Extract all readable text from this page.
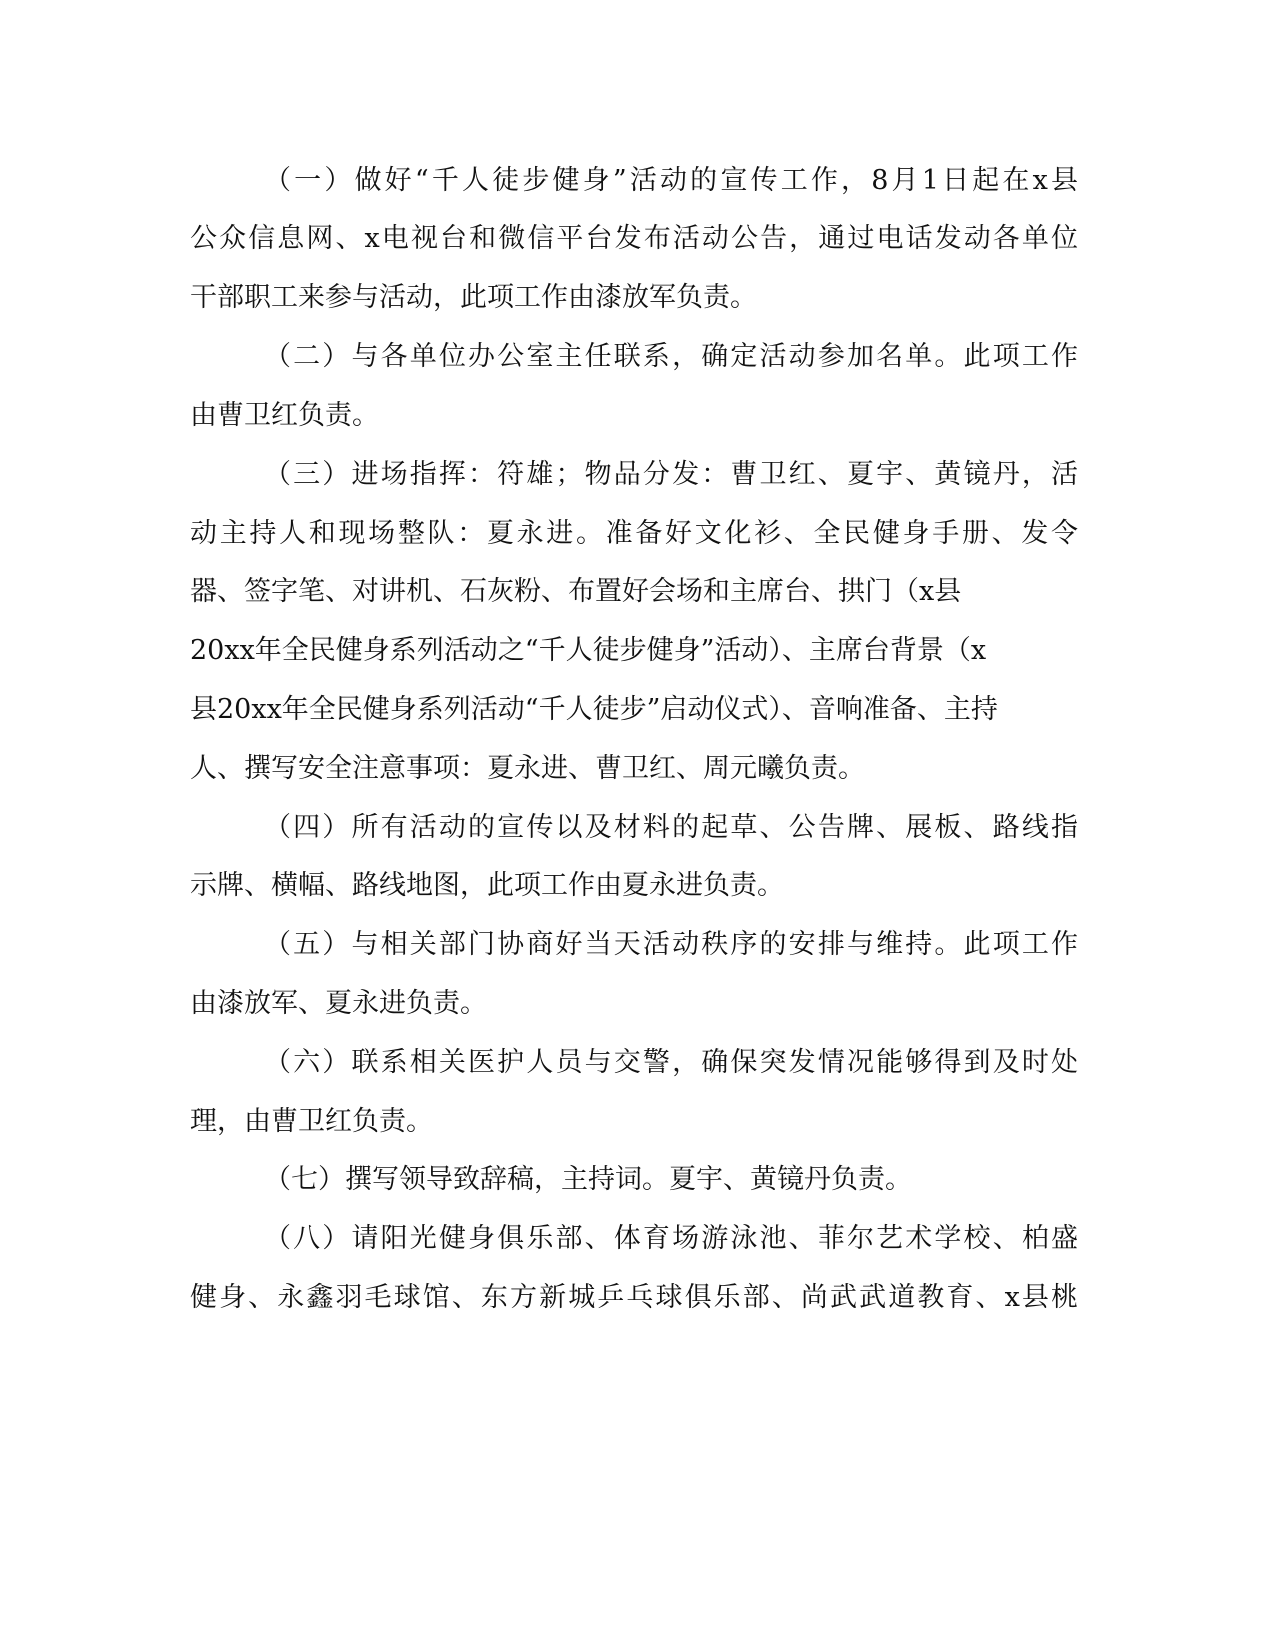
（一）做好“千人徒步健身”活动的宣传工作，8月1日起在x县

公众信息网、x电视台和微信平台发布活动公告，通过电话发动各单位

干部职工来参与活动，此项工作由漆放军负责。

（二）与各单位办公室主任联系，确定活动参加名单。此项工作

由曹卫红负责。

（三）进场指挥：符雄；物品分发：曹卫红、夏宇、黄镜丹，活

动主持人和现场整队：夏永进。准备好文化衫、全民健身手册、发令

器、签字笔、对讲机、石灰粉、布置好会场和主席台、拱门（x县

20xx年全民健身系列活动之“千人徒步健身”活动）、主席台背景（x

县20xx年全民健身系列活动“千人徒步”启动仪式）、音响准备、主持

人、撰写安全注意事项：夏永进、曹卫红、周元曦负责。

（四）所有活动的宣传以及材料的起草、公告牌、展板、路线指

示牌、横幅、路线地图，此项工作由夏永进负责。

（五）与相关部门协商好当天活动秩序的安排与维持。此项工作

由漆放军、夏永进负责。

（六）联系相关医护人员与交警，确保突发情况能够得到及时处

理，由曹卫红负责。

（七）撰写领导致辞稿，主持词。夏宇、黄镜丹负责。

（八）请阳光健身俱乐部、体育场游泳池、菲尔艺术学校、柏盛

健身、永鑫羽毛球馆、东方新城乒乓球俱乐部、尚武武道教育、x县桃
